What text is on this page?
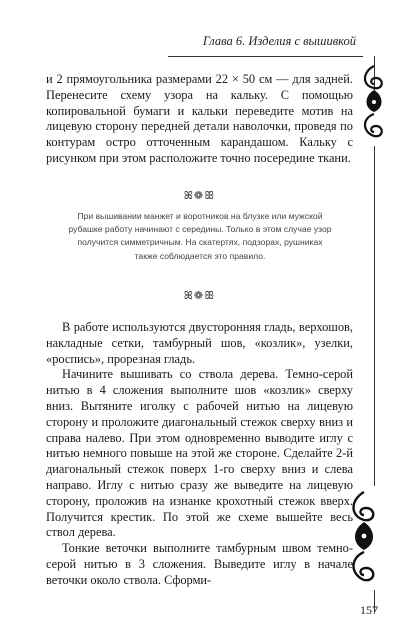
Глава 6. Изделия с вышивкой

и 2 прямоугольника размерами 22 × 50 см — для задней. Перенесите схему узора на кальку. С помощью копировальной бумаги и кальки переведите мотив на лицевую сторону передней детали наволочки, проведя по контурам остро отточенным карандашом. Кальку с рисунком при этом расположите точно посередине ткани.

ꕤ❁ꕥ

При вышивании манжет и воротников на блузке или мужской рубашке работу начинают с середины. Только в этом случае узор получится симметричным. На скатертях, подзорах, рушниках также соблюдается это правило.

ꕤ❁ꕥ

В работе используются двусторонняя гладь, верхошов, накладные сетки, тамбурный шов, «козлик», узелки, «роспись», прорезная гладь.

Начините вышивать со ствола дерева. Темно-серой нитью в 4 сложения выполните шов «козлик» сверху вниз. Вытяните иголку с рабочей нитью на лицевую сторону и проложите диагональный стежок сверху вниз и справа налево. При этом одновременно выводите иглу с нитью немного повыше на этой же стороне. Сделайте 2-й диагональный стежок поверх 1-го сверху вниз и слева направо. Иглу с нитью сразу же выведите на лицевую сторону, проложив на изнанке крохотный стежок вверх. Получится крестик. По этой же схеме вышейте весь ствол дерева.

Тонкие веточки выполните тамбурным швом темно-серой нитью в 3 сложения. Выведите иглу в начале веточки около ствола. Сформи-

157
